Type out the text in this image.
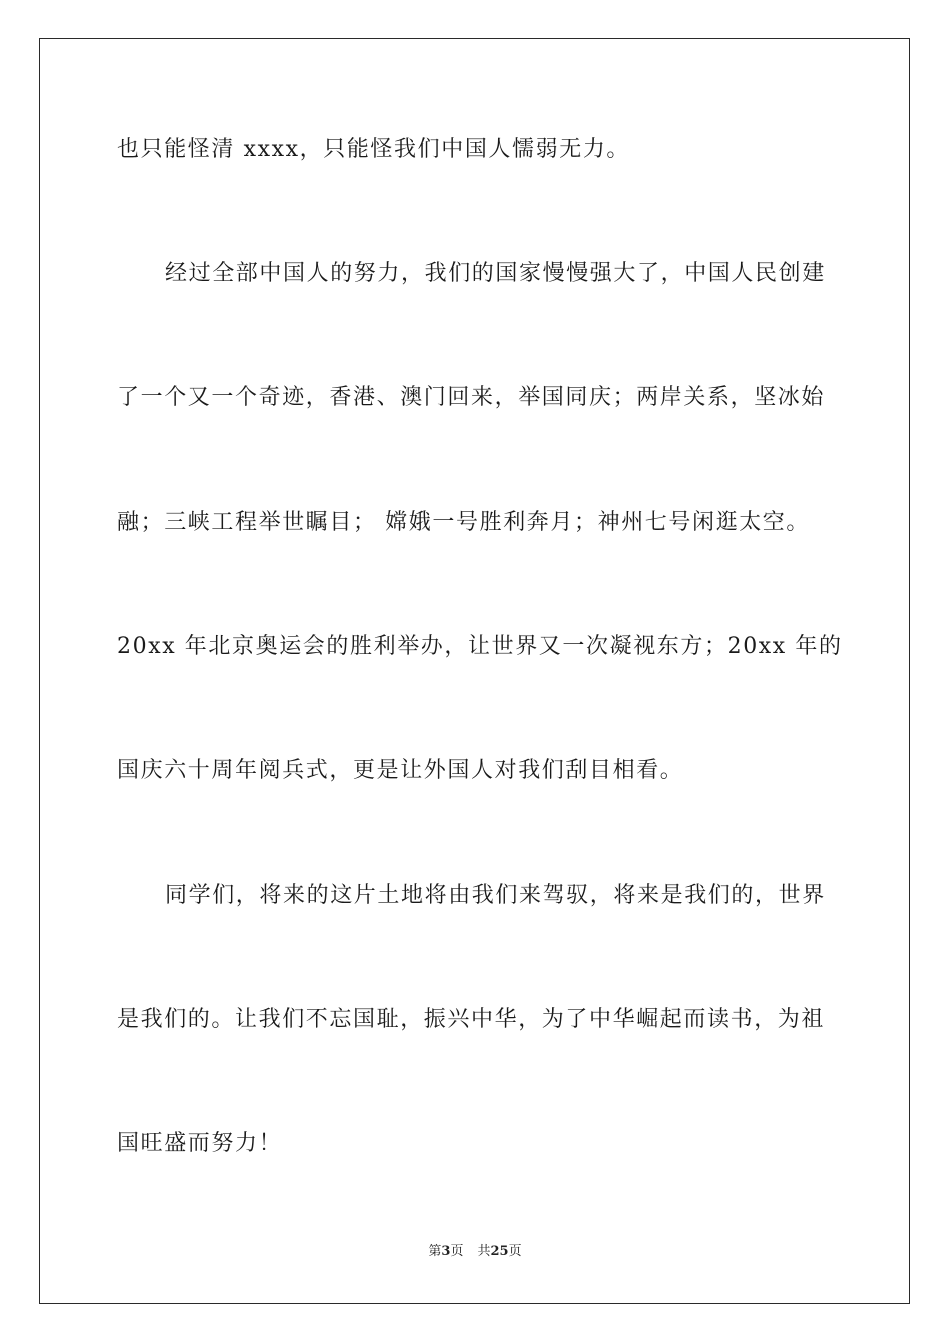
也只能怪清 xxxx，只能怪我们中国人懦弱无力。
经过全部中国人的努力，我们的国家慢慢强大了，中国人民创建
了一个又一个奇迹，香港、澳门回来，举国同庆；两岸关系，坚冰始
融；三峡工程举世瞩目； 嫦娥一号胜利奔月；神州七号闲逛太空。
20xx 年北京奥运会的胜利举办，让世界又一次凝视东方；20xx 年的
国庆六十周年阅兵式，更是让外国人对我们刮目相看。
同学们，将来的这片土地将由我们来驾驭，将来是我们的，世界
是我们的。让我们不忘国耻，振兴中华，为了中华崛起而读书，为祖
国旺盛而努力！
第3页 共25页
